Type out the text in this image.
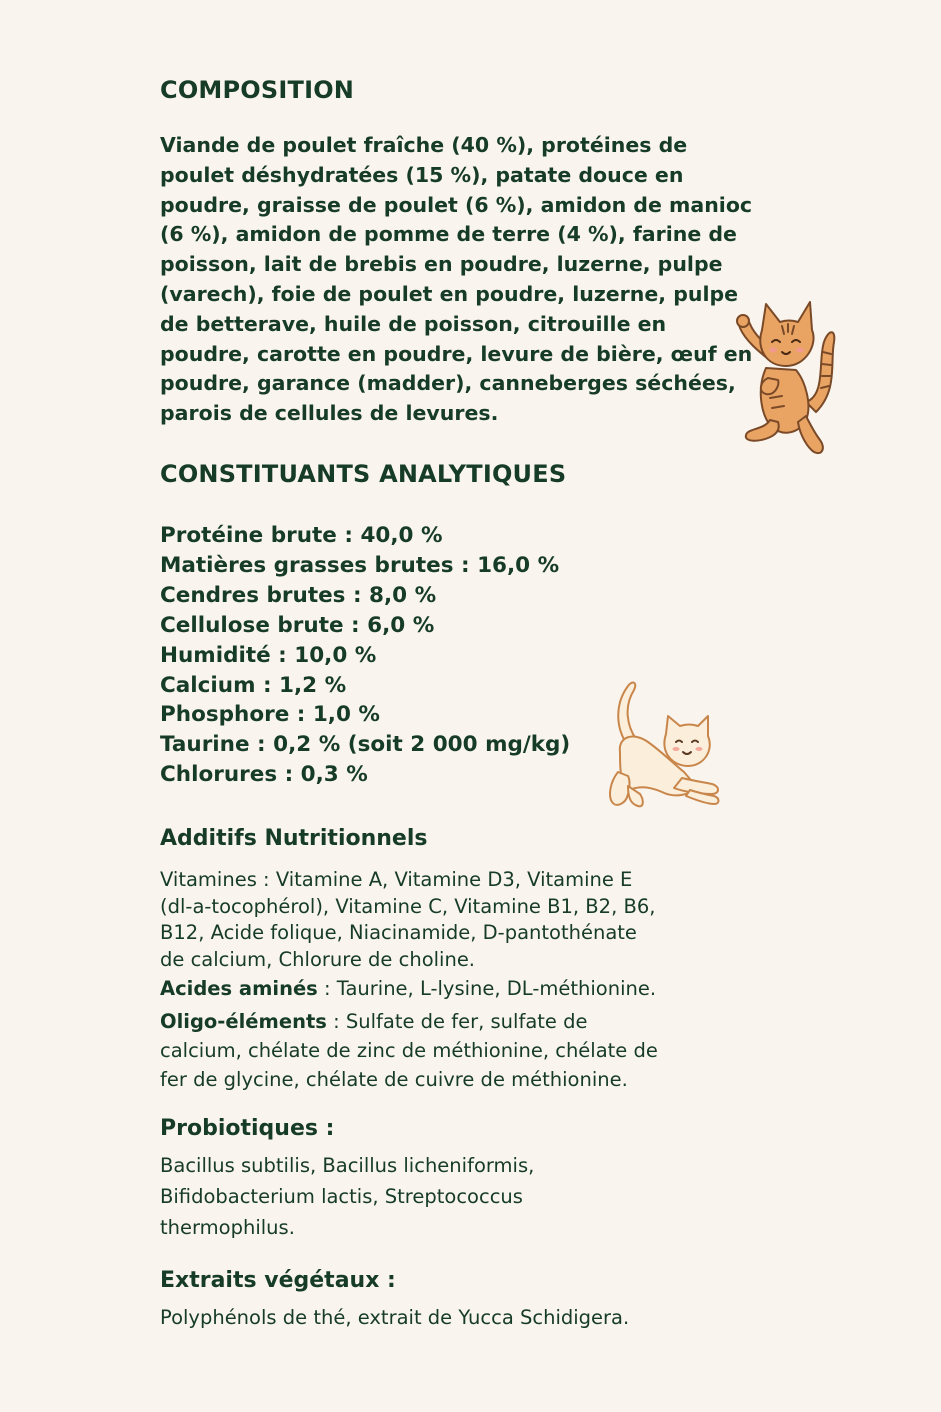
COMPOSITION
Viande de poulet fraîche (40 %), protéines de
poulet déshydratées (15 %), patate douce en
poudre, graisse de poulet (6 %), amidon de manioc
(6 %), amidon de pomme de terre (4 %), farine de
poisson, lait de brebis en poudre, luzerne, pulpe
(varech), foie de poulet en poudre, luzerne, pulpe
de betterave, huile de poisson, citrouille en
poudre, carotte en poudre, levure de bière, œuf en
poudre, garance (madder), canneberges séchées,
parois de cellules de levures.
CONSTITUANTS ANALYTIQUES
Protéine brute : 40,0 %
Matières grasses brutes : 16,0 %
Cendres brutes : 8,0 %
Cellulose brute : 6,0 %
Humidité : 10,0 %
Calcium : 1,2 %
Phosphore : 1,0 %
Taurine : 0,2 % (soit 2 000 mg/kg)
Chlorures : 0,3 %
Additifs Nutritionnels
Vitamines : Vitamine A, Vitamine D3, Vitamine E
(dl-a-tocophérol), Vitamine C, Vitamine B1, B2, B6,
B12, Acide folique, Niacinamide, D-pantothénate
de calcium, Chlorure de choline.
Acides aminés : Taurine, L-lysine, DL-méthionine.
Oligo-éléments : Sulfate de fer, sulfate de
calcium, chélate de zinc de méthionine, chélate de
fer de glycine, chélate de cuivre de méthionine.
Probiotiques :
Bacillus subtilis, Bacillus licheniformis,
Bifidobacterium lactis, Streptococcus
thermophilus.
Extraits végétaux :
Polyphénols de thé, extrait de Yucca Schidigera.
